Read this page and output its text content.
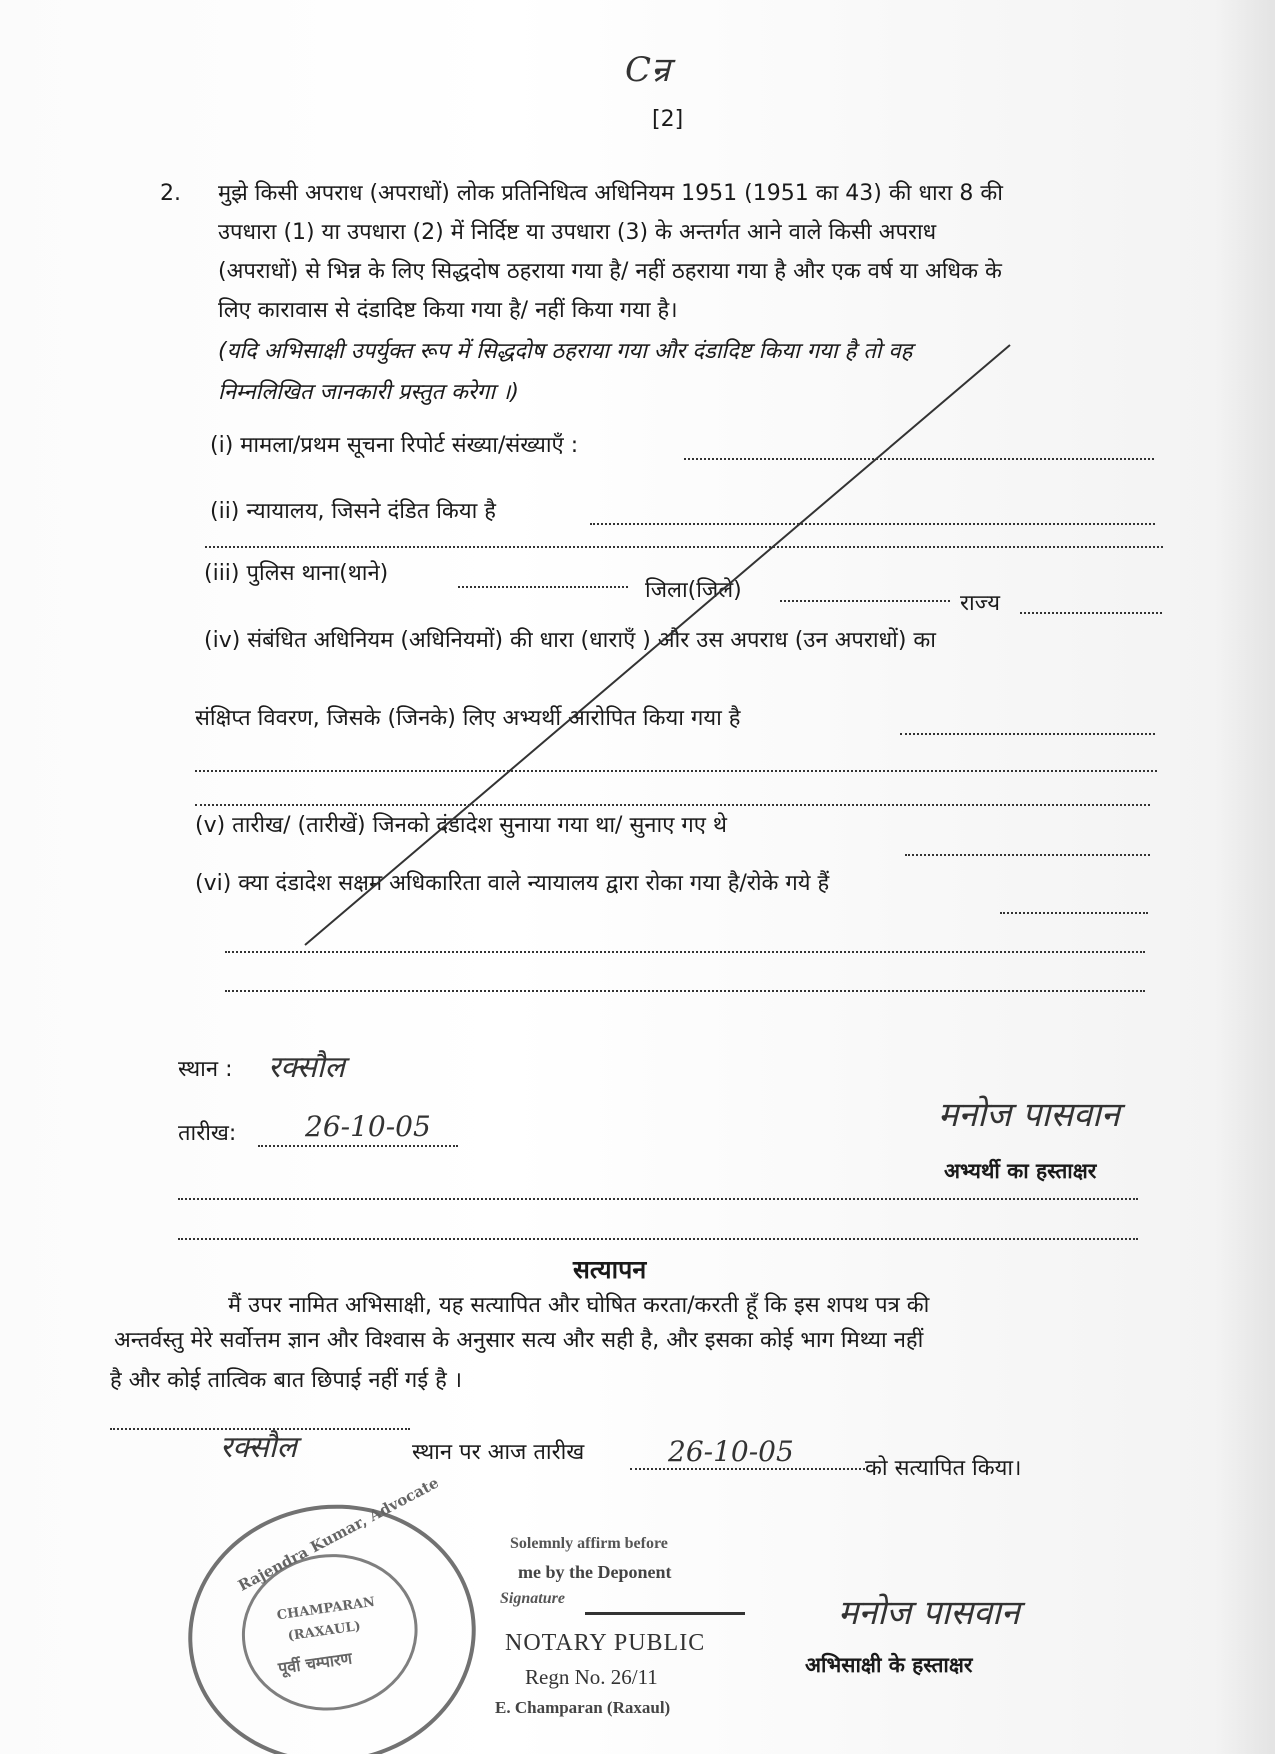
Cन्र
[2]
2. मुझे किसी अपराध (अपराधों) लोक प्रतिनिधित्व अधिनियम 1951 (1951 का 43) की धारा 8 की
उपधारा (1) या उपधारा (2) में निर्दिष्ट या उपधारा (3) के अन्तर्गत आने वाले किसी अपराध
(अपराधों) से भिन्न के लिए सिद्धदोष ठहराया गया है/ नहीं ठहराया गया है और एक वर्ष या अधिक के
लिए कारावास से दंडादिष्ट किया गया है/ नहीं किया गया है।
(यदि अभिसाक्षी उपर्युक्त रूप में सिद्धदोष ठहराया गया और दंडादिष्ट किया गया है तो वह
निम्नलिखित जानकारी प्रस्तुत करेगा ।)
(i) मामला/प्रथम सूचना रिपोर्ट संख्या/संख्याएँ :
(ii) न्यायालय, जिसने दंडित किया है
(iii) पुलिस थाना(थाने)
जिला(जिले)
राज्य
(iv) संबंधित अधिनियम (अधिनियमों) की धारा (धाराएँ ) और उस अपराध (उन अपराधों) का
संक्षिप्त विवरण, जिसके (जिनके) लिए अभ्यर्थी आरोपित किया गया है
(v) तारीख/ (तारीखें) जिनको दंडादेश सुनाया गया था/ सुनाए गए थे
(vi) क्या दंडादेश सक्षम अधिकारिता वाले न्यायालय द्वारा रोका गया है/रोके गये हैं
स्थान : रक्सौल
तारीख: 26-10-05	मनोज पासवान
अभ्यर्थी का हस्ताक्षर
सत्यापन
मैं उपर नामित अभिसाक्षी, यह सत्यापित और घोषित करता/करती हूँ कि इस शपथ पत्र की
अन्तर्वस्तु मेरे सर्वोत्तम ज्ञान और विश्वास के अनुसार सत्य और सही है, और इसका कोई भाग मिथ्या नहीं
है और कोई तात्विक बात छिपाई नहीं गई है ।
रक्सौल	स्थान पर आज तारीख	26-10-05
को सत्यापित किया।
Solemnly affirm before
me by the Deponent
Signature
NOTARY PUBLIC
Regn No. 26/11
E. Champaran (Raxaul)
मनोज पासवान
अभिसाक्षी के हस्ताक्षर
Rajendra Kumar, Advocate
CHAMPARAN
(RAXAUL)
पूर्वी चम्पारण
